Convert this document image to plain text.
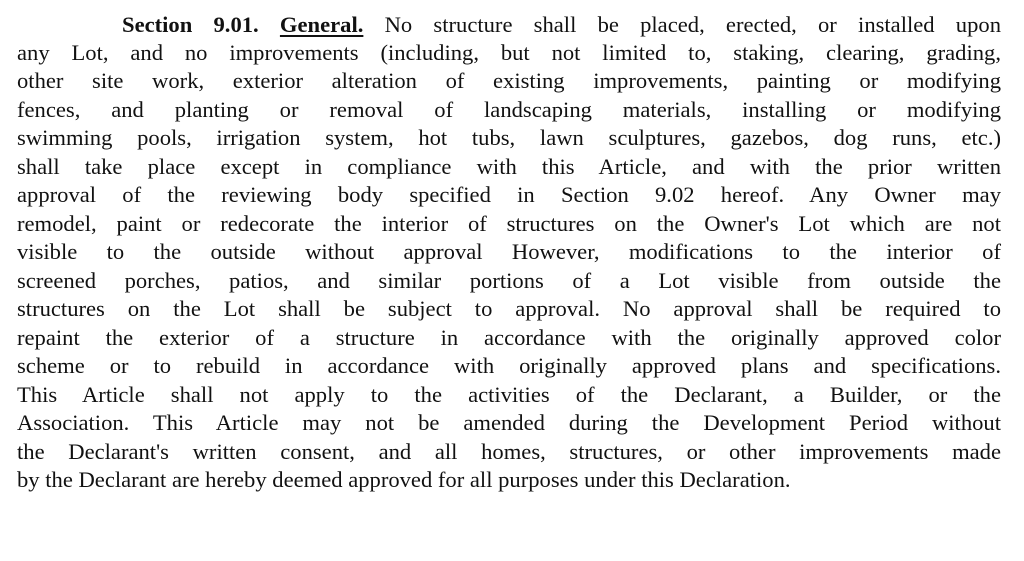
Section 9.01. General. No structure shall be placed, erected, or installed upon
any Lot, and no improvements (including, but not limited to, staking, clearing, grading,
other site work, exterior alteration of existing improvements, painting or modifying
fences, and planting or removal of landscaping materials, installing or modifying
swimming pools, irrigation system, hot tubs, lawn sculptures, gazebos, dog runs, etc.)
shall take place except in compliance with this Article, and with the prior written
approval of the reviewing body specified in Section 9.02 hereof. Any Owner may
remodel, paint or redecorate the interior of structures on the Owner's Lot which are not
visible to the outside without approval However, modifications to the interior of
screened porches, patios, and similar portions of a Lot visible from outside the
structures on the Lot shall be subject to approval. No approval shall be required to
repaint the exterior of a structure in accordance with the originally approved color
scheme or to rebuild in accordance with originally approved plans and specifications.
This Article shall not apply to the activities of the Declarant, a Builder, or the
Association. This Article may not be amended during the Development Period without
the Declarant's written consent, and all homes, structures, or other improvements made
by the Declarant are hereby deemed approved for all purposes under this Declaration.
